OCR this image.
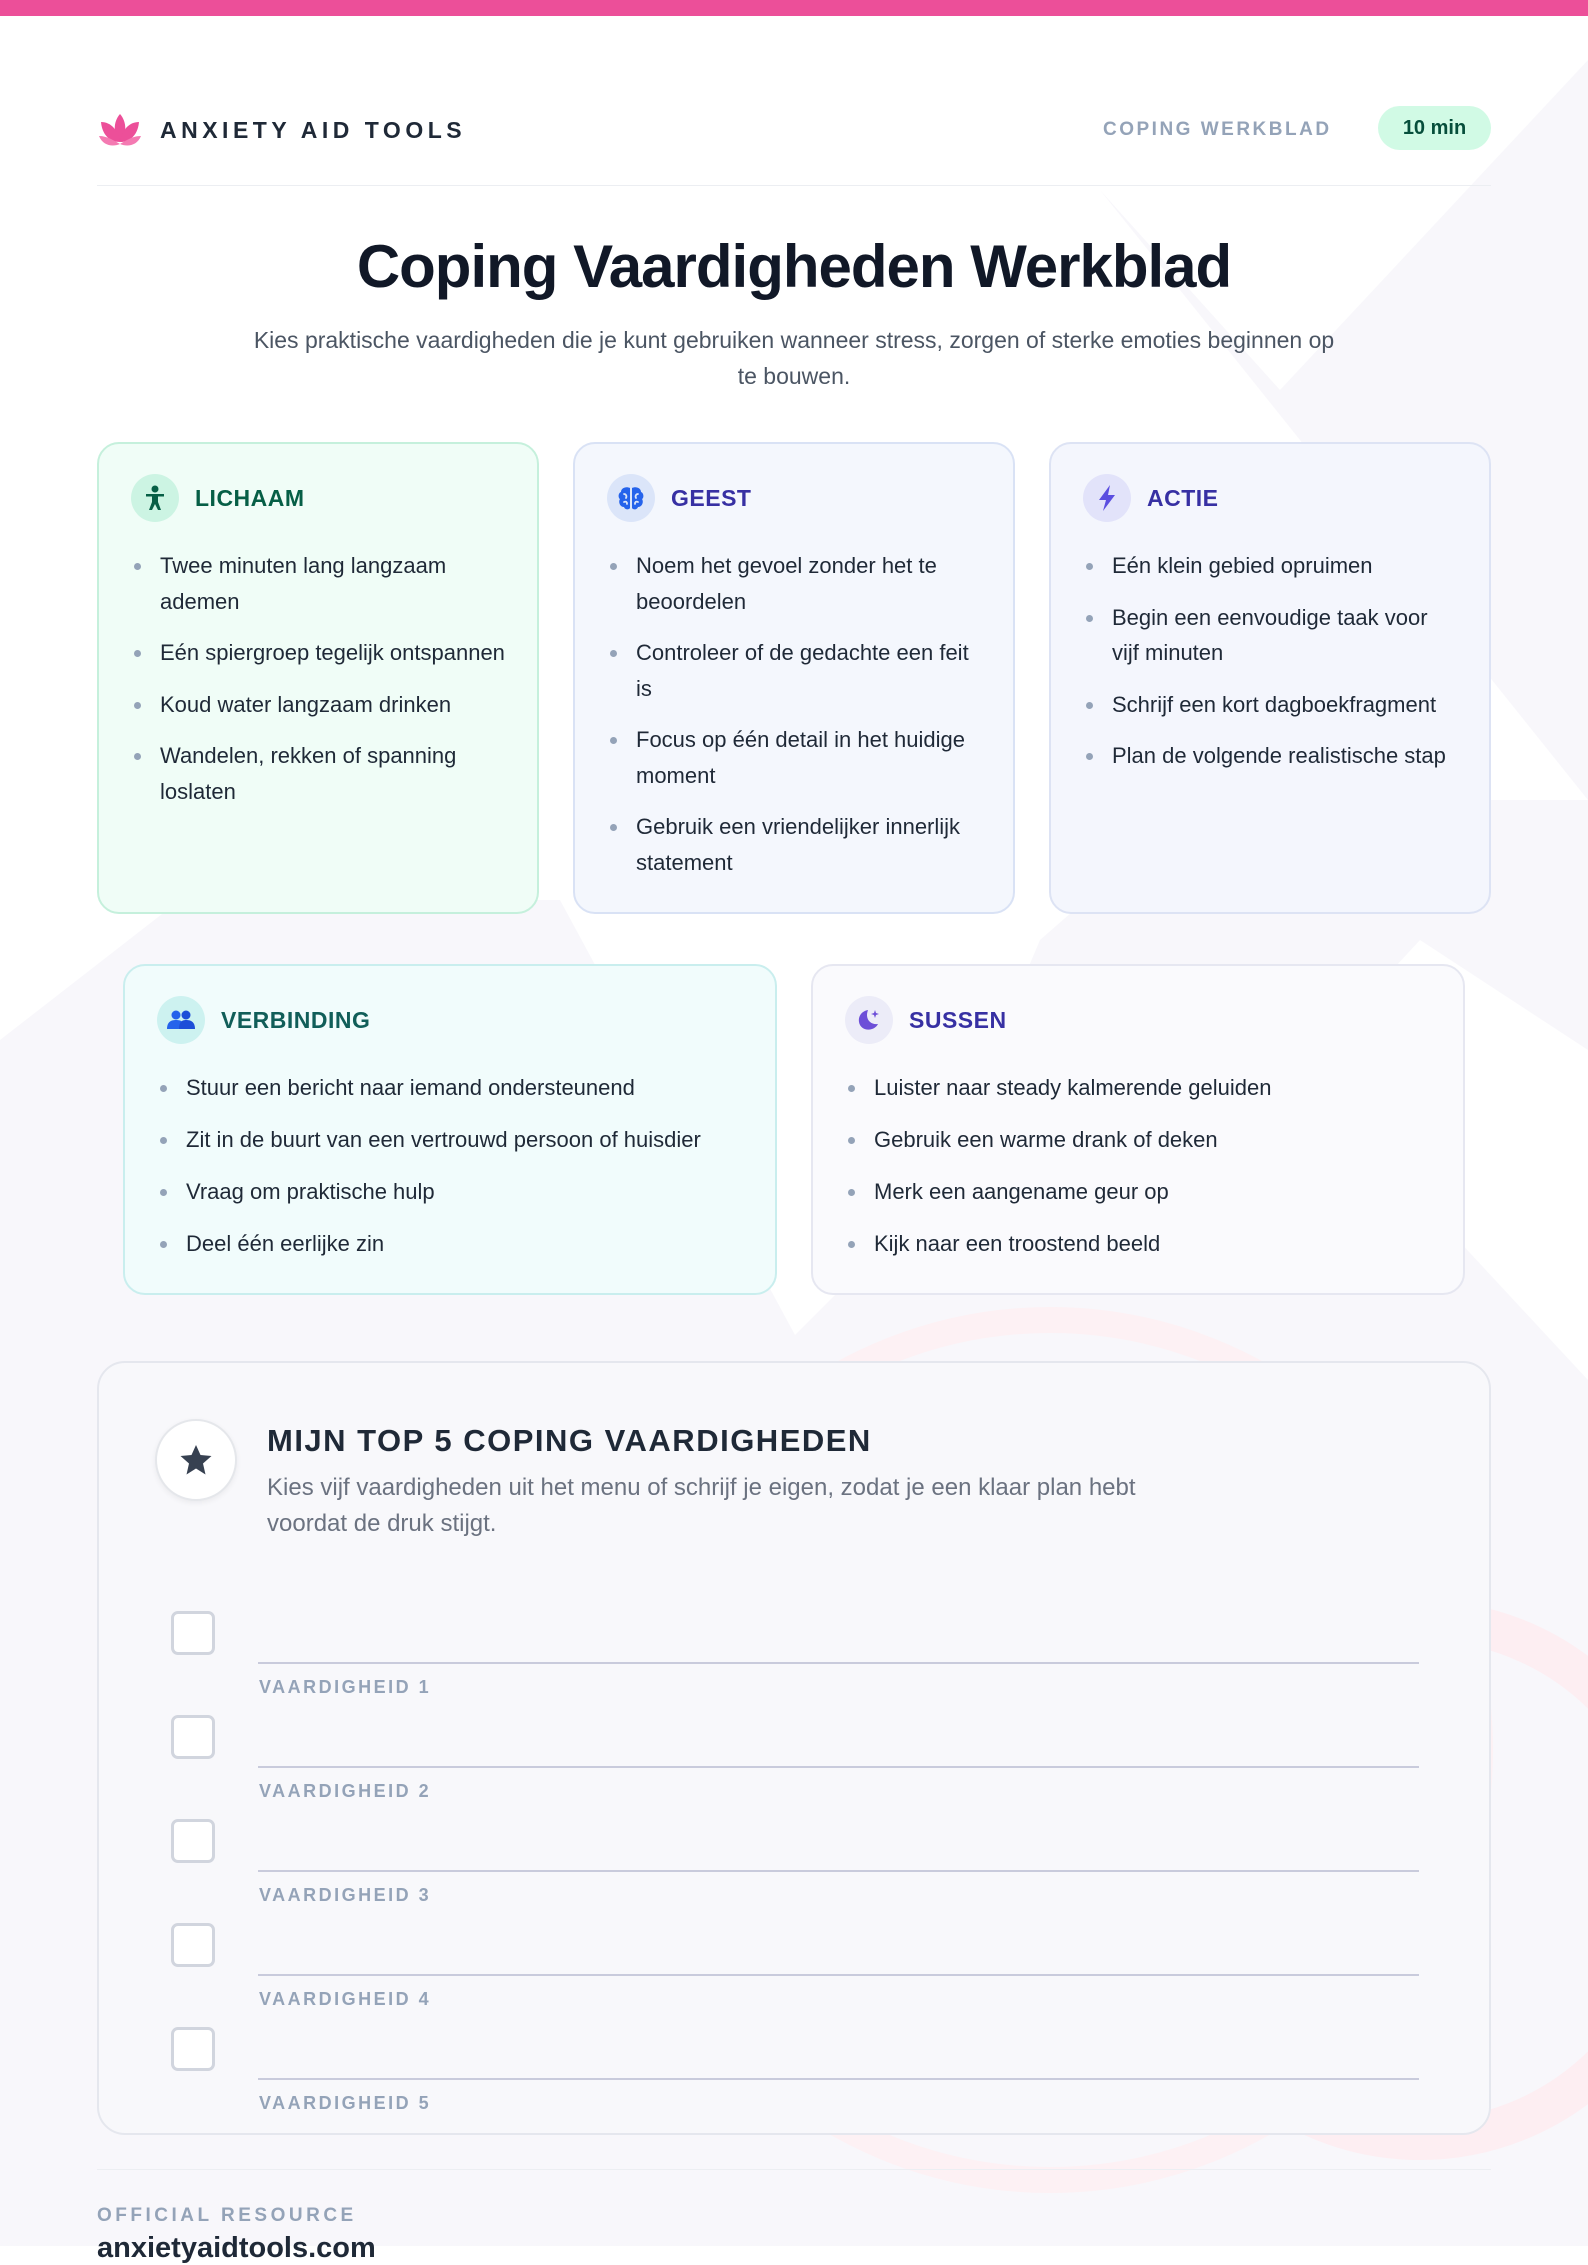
ANXIETY AID TOOLS	COPING WERKBLAD	10 min
Coping Vaardigheden Werkblad
Kies praktische vaardigheden die je kunt gebruiken wanneer stress, zorgen of sterke emoties beginnen op te bouwen.
LICHAAM
Twee minuten lang langzaam ademen
Eén spiergroep tegelijk ontspannen
Koud water langzaam drinken
Wandelen, rekken of spanning loslaten
GEEST
Noem het gevoel zonder het te beoordelen
Controleer of de gedachte een feit is
Focus op één detail in het huidige moment
Gebruik een vriendelijker innerlijk statement
ACTIE
Eén klein gebied opruimen
Begin een eenvoudige taak voor vijf minuten
Schrijf een kort dagboekfragment
Plan de volgende realistische stap
VERBINDING
Stuur een bericht naar iemand ondersteunend
Zit in de buurt van een vertrouwd persoon of huisdier
Vraag om praktische hulp
Deel één eerlijke zin
SUSSEN
Luister naar steady kalmerende geluiden
Gebruik een warme drank of deken
Merk een aangename geur op
Kijk naar een troostend beeld
MIJN TOP 5 COPING VAARDIGHEDEN
Kies vijf vaardigheden uit het menu of schrijf je eigen, zodat je een klaar plan hebt voordat de druk stijgt.
VAARDIGHEID 1
VAARDIGHEID 2
VAARDIGHEID 3
VAARDIGHEID 4
VAARDIGHEID 5
OFFICIAL RESOURCE
anxietyaidtools.com
